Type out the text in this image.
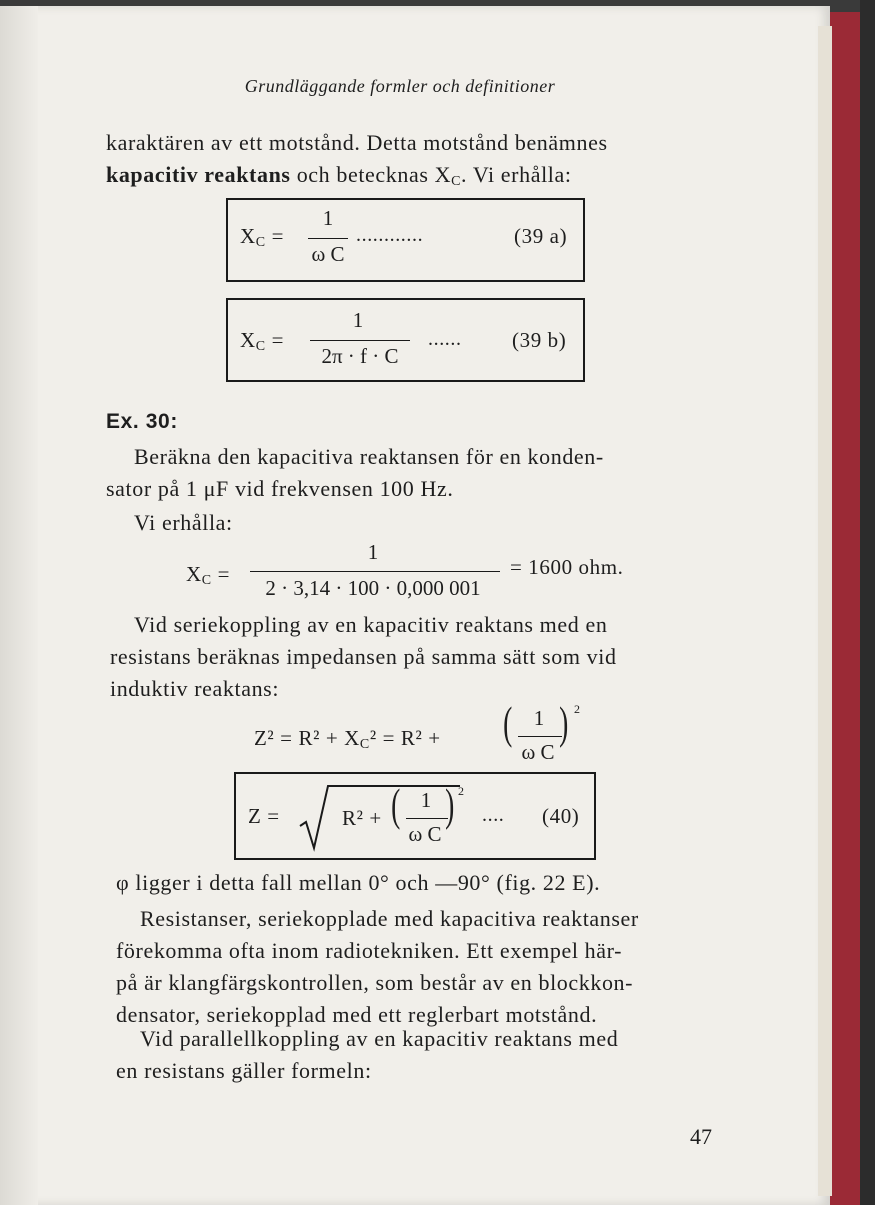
Grundläggande formler och definitioner
karaktären av ett motstånd. Detta motstånd benämnes
kapacitiv reaktans och betecknas $X_C$. Vi erhålla:
$X_C$ =
1
ω C
............	(39 a)
$X_C$ =
1
2π · f · C
...... (39 b)
Ex. 30:
Beräkna den kapacitiva reaktansen för en konden-
sator på 1 μF vid frekvensen 100 Hz.
Vi erhålla:
$X_C$ =
1
2 · 3,14 · 100 · 0,000 001
= 1600 ohm.
Vid seriekoppling av en kapacitiv reaktans med en
resistans beräknas impedansen på samma sätt som vid
induktiv reaktans:
$Z^2 = R^2 + X_C^2 = R^2$ + (	1
ω C
) 2
Z =	R² + ( 1
ω C
) 2
.... (40)
φ ligger i detta fall mellan 0° och —90° (fig. 22 E).
Resistanser, seriekopplade med kapacitiva reaktanser
förekomma ofta inom radiotekniken. Ett exempel här-
på är klangfärgskontrollen, som består av en blockkon-
densator, seriekopplad med ett reglerbart motstånd.
Vid parallellkoppling av en kapacitiv reaktans med
en resistans gäller formeln:
47
